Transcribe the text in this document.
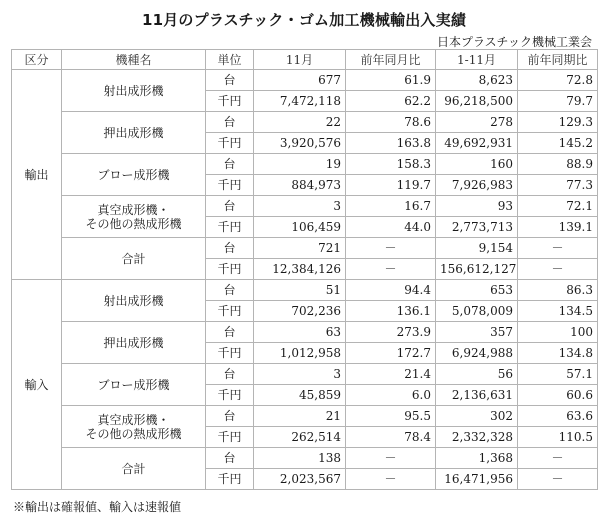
11月のプラスチック・ゴム加工機械輸出入実績
日本プラスチック機械工業会
区分	機種名	単位	11月	前年同月比	1-11月	前年同期比
輸出	射出成形機	台	677	61.9	8,623	72.8
		千円	7,472,118	62.2	96,218,500	79.7

	押出成形機	台	22	78.6	278	129.3
		千円	3,920,576	163.8	49,692,931	145.2

	ブロー成形機	台	19	158.3	160	88.9
		千円	884,973	119.7	7,926,983	77.3

	真空成形機・
その他の熱成形機	台	3	16.7	93	72.1
		千円	106,459	44.0	2,773,713	139.1

	合計	台	721	－	9,154	－
		千円	12,384,126	－	156,612,127	－
輸入	射出成形機	台	51	94.4	653	86.3
		千円	702,236	136.1	5,078,009	134.5

	押出成形機	台	63	273.9	357	100
		千円	1,012,958	172.7	6,924,988	134.8

	ブロー成形機	台	3	21.4	56	57.1
		千円	45,859	6.0	2,136,631	60.6

	真空成形機・
その他の熱成形機	台	21	95.5	302	63.6
		千円	262,514	78.4	2,332,328	110.5

	合計	台	138	－	1,368	－
		千円	2,023,567	－	16,471,956	－
※輸出は確報値、輸入は速報値
